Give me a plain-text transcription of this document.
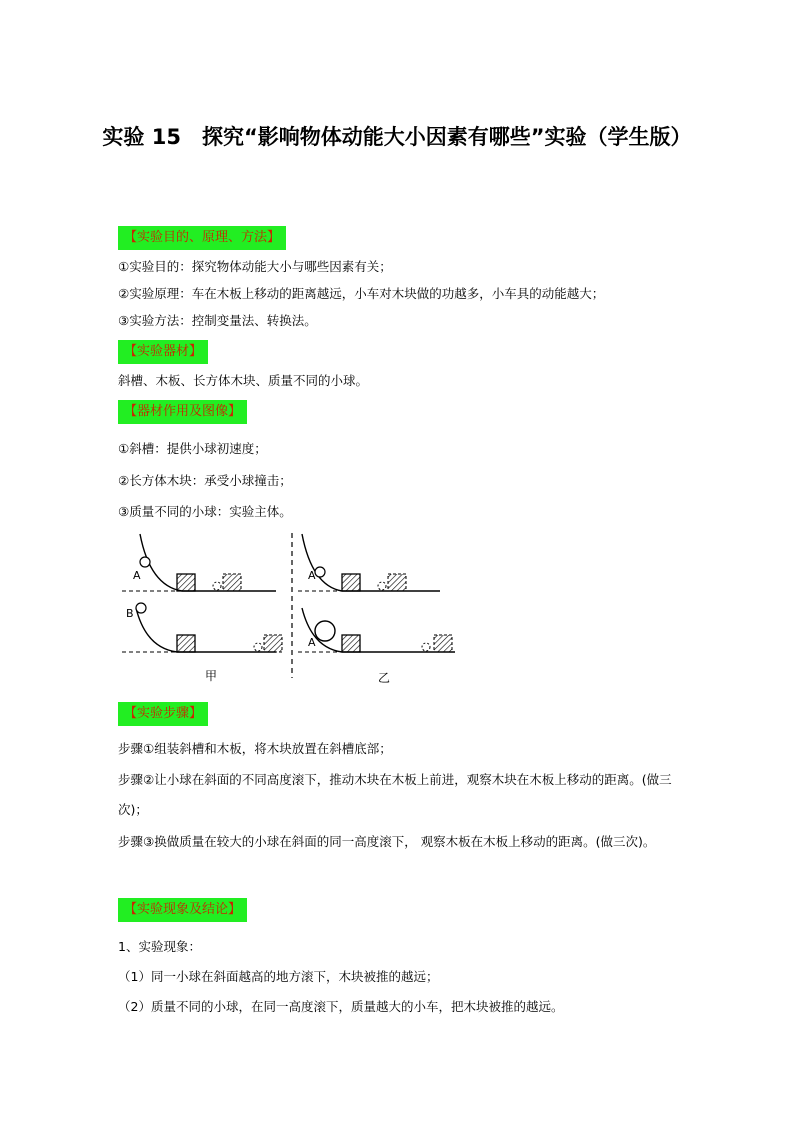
实验 15　探究“影响物体动能大小因素有哪些”实验（学生版）
【实验目的、原理、方法】
①实验目的：探究物体动能大小与哪些因素有关；
②实验原理：车在木板上移动的距离越远，小车对木块做的功越多，小车具的动能越大；
③实验方法：控制变量法、转换法。
【实验器材】
斜槽、木板、长方体木块、质量不同的小球。
【器材作用及图像】
①斜槽：提供小球初速度；
②长方体木块：承受小球撞击；
③质量不同的小球：实验主体。
A
B
A
A
甲	乙
【实验步骤】
步骤①组装斜槽和木板，将木块放置在斜槽底部；
步骤②让小球在斜面的不同高度滚下，推动木块在木板上前进，观察木块在木板上移动的距离。(做三次)；
步骤③换做质量在较大的小球在斜面的同一高度滚下， 观察木板在木板上移动的距离。(做三次)。
【实验现象及结论】
1、实验现象：
（1）同一小球在斜面越高的地方滚下，木块被推的越远；
（2）质量不同的小球，在同一高度滚下，质量越大的小车，把木块被推的越远。
